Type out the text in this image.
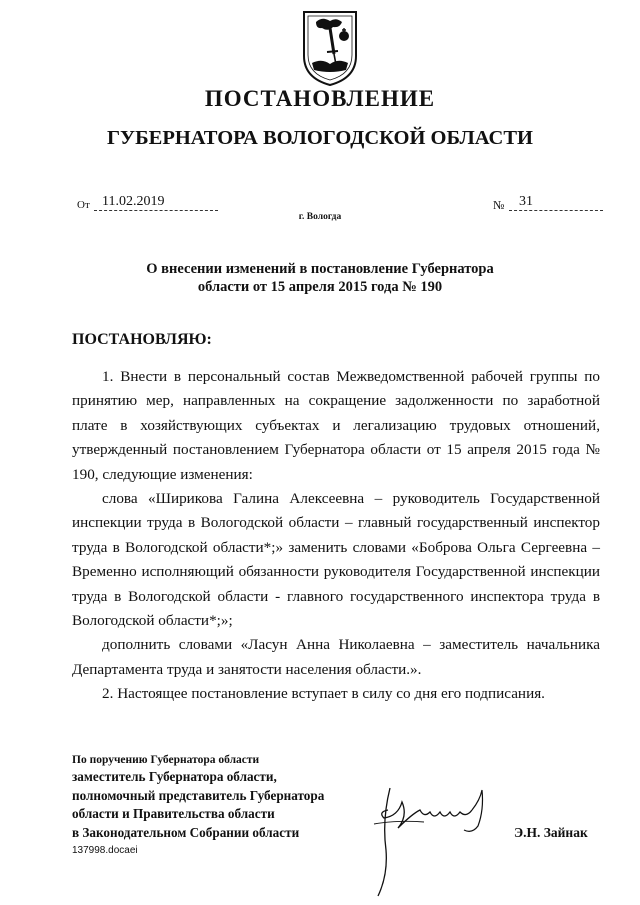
ПОСТАНОВЛЕНИЕ
ГУБЕРНАТОРА ВОЛОГОДСКОЙ ОБЛАСТИ
От 11.02.2019	№	31
г. Вологда
О внесении изменений в постановление Губернатора
области от 15 апреля 2015 года № 190
ПОСТАНОВЛЯЮ:

1. Внести в персональный состав Межведомственной рабочей группы по принятию мер, направленных на сокращение задолженности по заработной плате в хозяйствующих субъектах и легализацию трудовых отношений, утвержденный постановлением Губернатора области от 15 апреля 2015 года № 190, следующие изменения:

слова «Ширикова Галина Алексеевна – руководитель Государственной инспекции труда в Вологодской области – главный государственный инспектор труда в Вологодской области*;» заменить словами «Боброва Ольга Сергеевна – Временно исполняющий обязанности руководителя Государственной инспекции труда в Вологодской области - главного государственного инспектора труда в Вологодской области*;»;

дополнить словами «Ласун Анна Николаевна – заместитель начальника Департамента труда и занятости населения области.».

2. Настоящее постановление вступает в силу со дня его подписания.

По поручению Губернатора области
заместитель Губернатора области,
полномочный представитель Губернатора
области и Правительства области
в Законодательном Собрании области	Э.Н. Зайнак
137998.docaei
